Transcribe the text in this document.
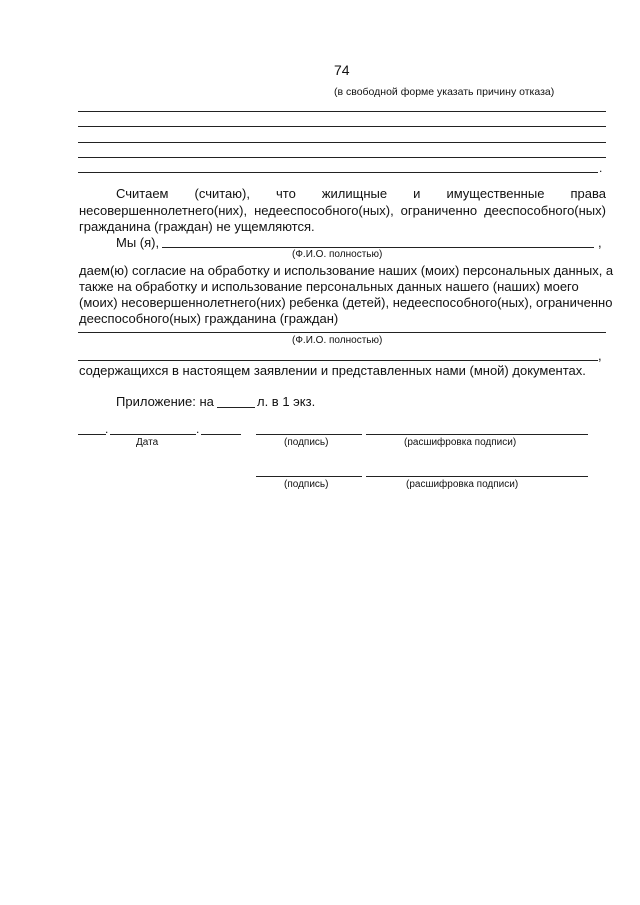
74
(в свободной форме указать причину отказа)
.
Считаем (считаю), что жилищные и имущественные права
несовершеннолетнего(них), недееспособного(ных), ограниченно дееспособного(ных)
гражданина (граждан) не ущемляются.
Мы (я),	,
(Ф.И.О. полностью)
даем(ю) согласие на обработку и использование наших (моих) персональных данных, а
также на обработку и использование персональных данных нашего (наших) моего
(моих) несовершеннолетнего(них) ребенка (детей), недееспособного(ных), ограниченно
дееспособного(ных) гражданина (граждан)
(Ф.И.О. полностью)
,
содержащихся в настоящем заявлении и представленных нами (мной) документах.
Приложение: на	л. в 1 экз.
.	.
Дата	(подпись)	(расшифровка подписи)
(подпись)	(расшифровка подписи)
